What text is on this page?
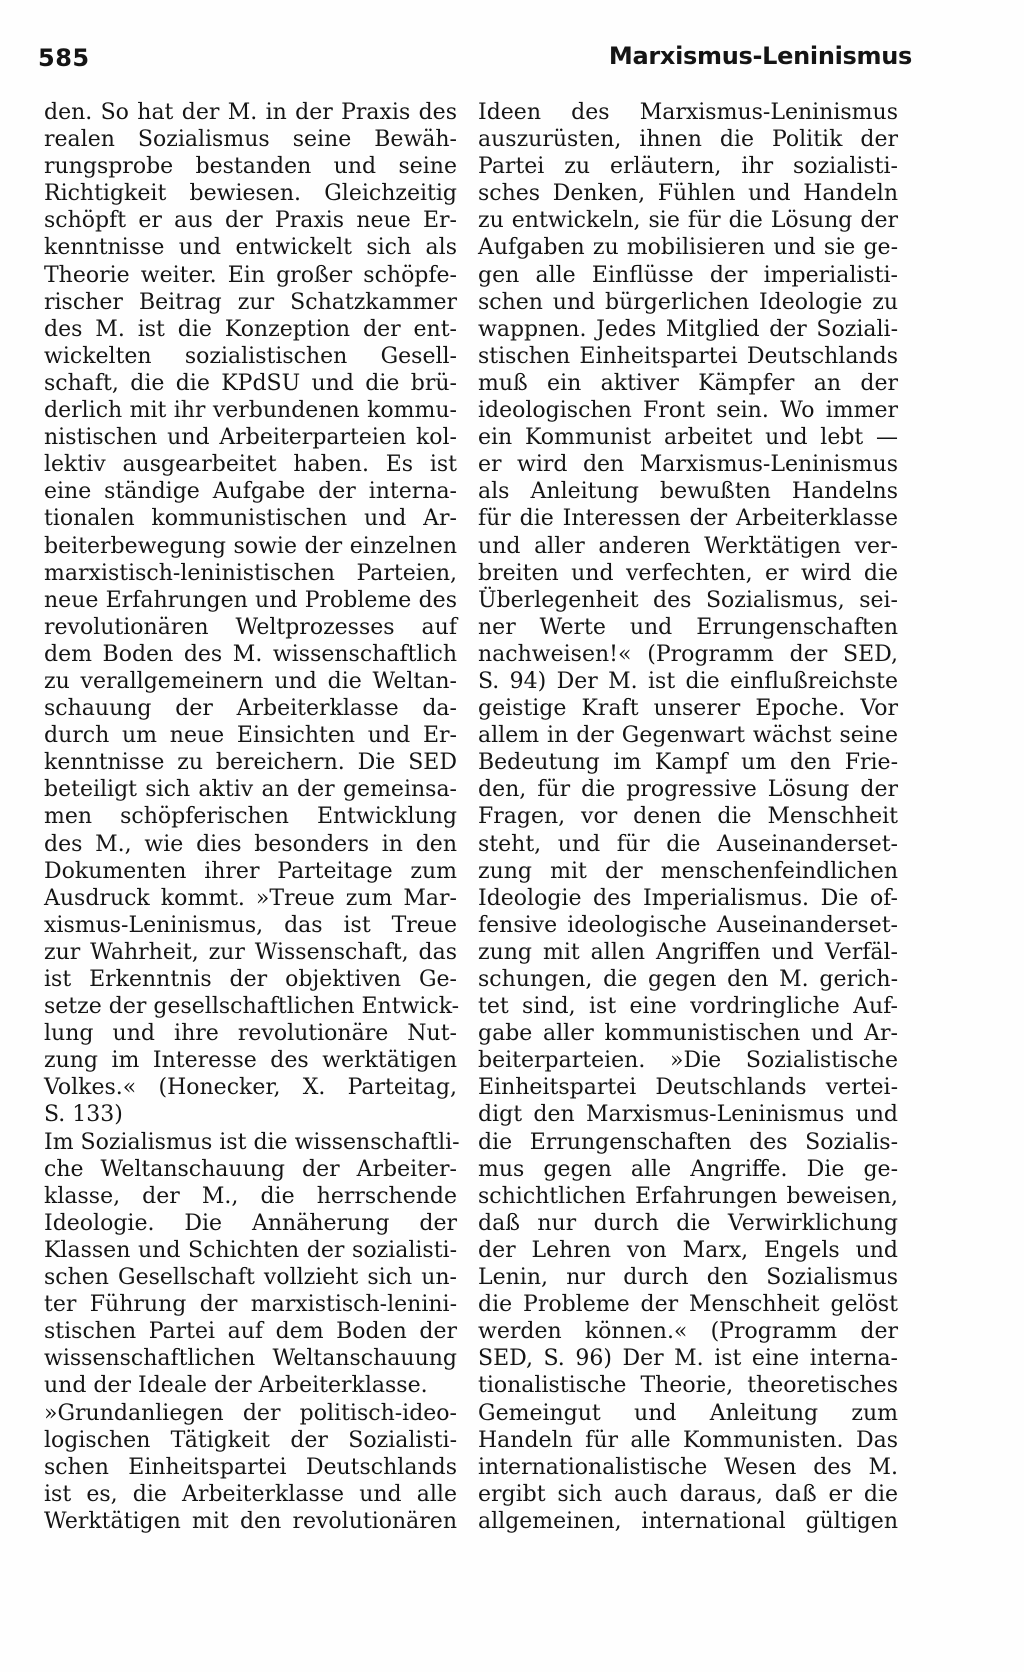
585	Marxismus-Leninismus
den. So hat der M. in der Praxis des
realen Sozialismus seine Bewäh-
rungsprobe bestanden und seine
Richtigkeit bewiesen. Gleichzeitig
schöpft er aus der Praxis neue Er-
kenntnisse und entwickelt sich als
Theorie weiter. Ein großer schöpfe-
rischer Beitrag zur Schatzkammer
des M. ist die Konzeption der ent-
wickelten sozialistischen Gesell-
schaft, die die KPdSU und die brü-
derlich mit ihr verbundenen kommu-
nistischen und Arbeiterparteien kol-
lektiv ausgearbeitet haben. Es ist
eine ständige Aufgabe der interna-
tionalen kommunistischen und Ar-
beiterbewegung sowie der einzelnen
marxistisch-leninistischen Parteien,
neue Erfahrungen und Probleme des
revolutionären Weltprozesses auf
dem Boden des M. wissenschaftlich
zu verallgemeinern und die Weltan-
schauung der Arbeiterklasse da-
durch um neue Einsichten und Er-
kenntnisse zu bereichern. Die SED
beteiligt sich aktiv an der gemeinsa-
men schöpferischen Entwicklung
des M., wie dies besonders in den
Dokumenten ihrer Parteitage zum
Ausdruck kommt. »Treue zum Mar-
xismus-Leninismus, das ist Treue
zur Wahrheit, zur Wissenschaft, das
ist Erkenntnis der objektiven Ge-
setze der gesellschaftlichen Entwick-
lung und ihre revolutionäre Nut-
zung im Interesse des werktätigen
Volkes.« (Honecker, X. Parteitag,
S. 133)
Im Sozialismus ist die wissenschaftli-
che Weltanschauung der Arbeiter-
klasse, der M., die herrschende
Ideologie. Die Annäherung der
Klassen und Schichten der sozialisti-
schen Gesellschaft vollzieht sich un-
ter Führung der marxistisch-lenini-
stischen Partei auf dem Boden der
wissenschaftlichen Weltanschauung
und der Ideale der Arbeiterklasse.
»Grundanliegen der politisch-ideo-
logischen Tätigkeit der Sozialisti-
schen Einheitspartei Deutschlands
ist es, die Arbeiterklasse und alle
Werktätigen mit den revolutionären
Ideen des Marxismus-Leninismus
auszurüsten, ihnen die Politik der
Partei zu erläutern, ihr sozialisti-
sches Denken, Fühlen und Handeln
zu entwickeln, sie für die Lösung der
Aufgaben zu mobilisieren und sie ge-
gen alle Einflüsse der imperialisti-
schen und bürgerlichen Ideologie zu
wappnen. Jedes Mitglied der Soziali-
stischen Einheitspartei Deutschlands
muß ein aktiver Kämpfer an der
ideologischen Front sein. Wo immer
ein Kommunist arbeitet und lebt —
er wird den Marxismus-Leninismus
als Anleitung bewußten Handelns
für die Interessen der Arbeiterklasse
und aller anderen Werktätigen ver-
breiten und verfechten, er wird die
Überlegenheit des Sozialismus, sei-
ner Werte und Errungenschaften
nachweisen!« (Programm der SED,
S. 94) Der M. ist die einflußreichste
geistige Kraft unserer Epoche. Vor
allem in der Gegenwart wächst seine
Bedeutung im Kampf um den Frie-
den, für die progressive Lösung der
Fragen, vor denen die Menschheit
steht, und für die Auseinanderset-
zung mit der menschenfeindlichen
Ideologie des Imperialismus. Die of-
fensive ideologische Auseinanderset-
zung mit allen Angriffen und Verfäl-
schungen, die gegen den M. gerich-
tet sind, ist eine vordringliche Auf-
gabe aller kommunistischen und Ar-
beiterparteien. »Die Sozialistische
Einheitspartei Deutschlands vertei-
digt den Marxismus-Leninismus und
die Errungenschaften des Sozialis-
mus gegen alle Angriffe. Die ge-
schichtlichen Erfahrungen beweisen,
daß nur durch die Verwirklichung
der Lehren von Marx, Engels und
Lenin, nur durch den Sozialismus
die Probleme der Menschheit gelöst
werden können.« (Programm der
SED, S. 96) Der M. ist eine interna-
tionalistische Theorie, theoretisches
Gemeingut und Anleitung zum
Handeln für alle Kommunisten. Das
internationalistische Wesen des M.
ergibt sich auch daraus, daß er die
allgemeinen, international gültigen
